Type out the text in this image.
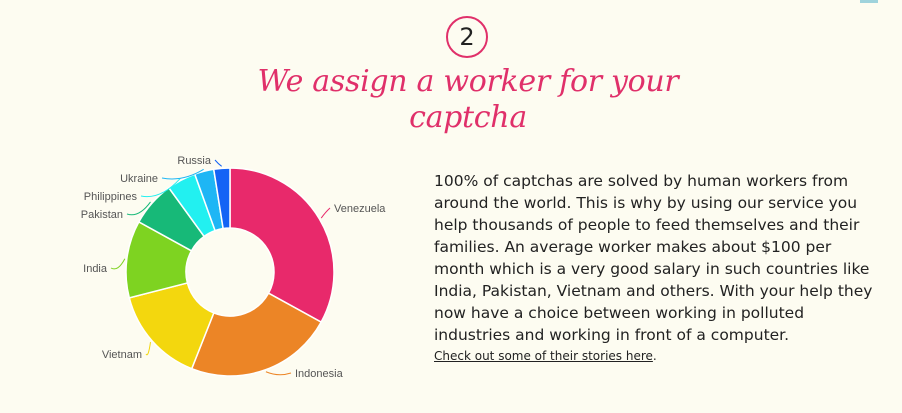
2
We assign a worker for your
captcha
Venezuela
Indonesia
Vietnam
India
Pakistan
Philippines
Ukraine
Russia
100% of captchas are solved by human workers from around the world. This is why by using our service you help thousands of people to feed themselves and their families. An average worker makes about $100 per month which is a very good salary in such countries like India, Pakistan, Vietnam and others. With your help they now have a choice between working in polluted industries and working in front of a computer.
Check out some of their stories here.
